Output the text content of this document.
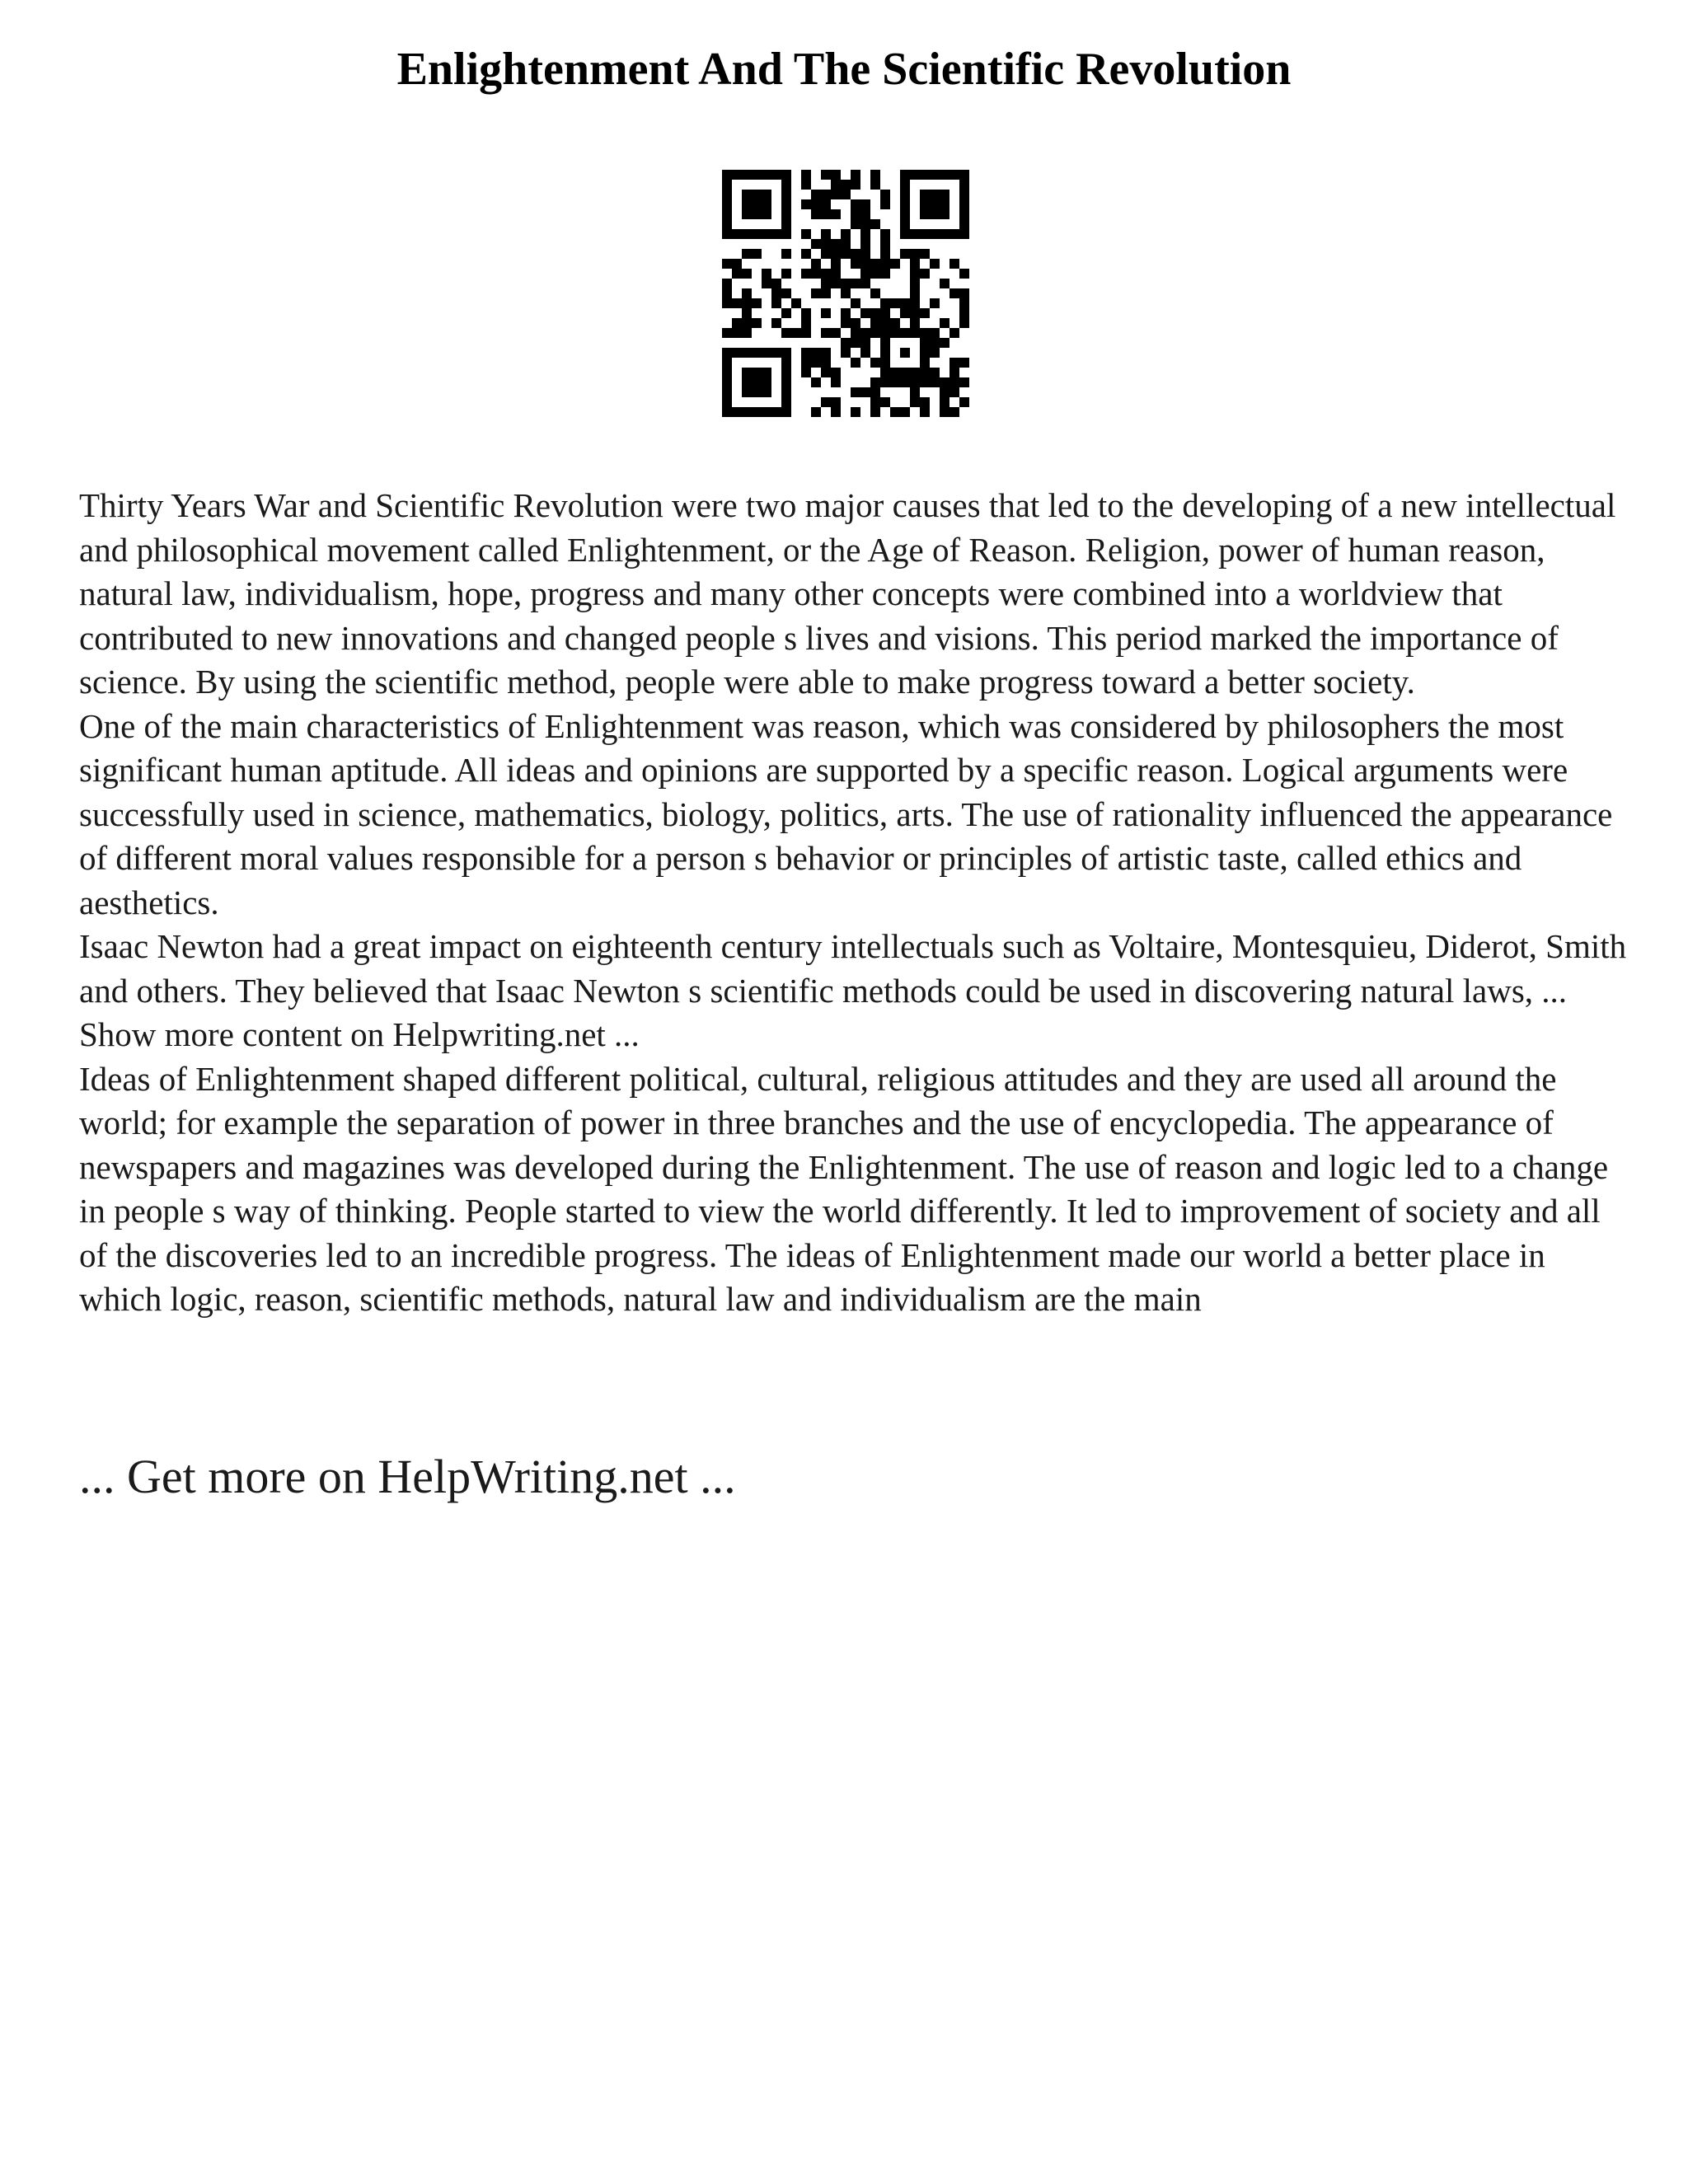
Enlightenment And The Scientific Revolution

Thirty Years War and Scientific Revolution were two major causes that led to the developing of a new intellectual and philosophical movement called Enlightenment, or the Age of Reason. Religion, power of human reason, natural law, individualism, hope, progress and many other concepts were combined into a worldview that contributed to new innovations and changed people s lives and visions. This period marked the importance of science. By using the scientific method, people were able to make progress toward a better society.

One of the main characteristics of Enlightenment was reason, which was considered by philosophers the most significant human aptitude. All ideas and opinions are supported by a specific reason. Logical arguments were successfully used in science, mathematics, biology, politics, arts. The use of rationality influenced the appearance of different moral values responsible for a person s behavior or principles of artistic taste, called ethics and aesthetics.

Isaac Newton had a great impact on eighteenth century intellectuals such as Voltaire, Montesquieu, Diderot, Smith and others. They believed that Isaac Newton s scientific methods could be used in discovering natural laws, ... Show more content on Helpwriting.net ...

Ideas of Enlightenment shaped different political, cultural, religious attitudes and they are used all around the world; for example the separation of power in three branches and the use of encyclopedia. The appearance of newspapers and magazines was developed during the Enlightenment. The use of reason and logic led to a change in people s way of thinking. People started to view the world differently. It led to improvement of society and all of the discoveries led to an incredible progress. The ideas of Enlightenment made our world a better place in which logic, reason, scientific methods, natural law and individualism are the main

... Get more on HelpWriting.net ...
